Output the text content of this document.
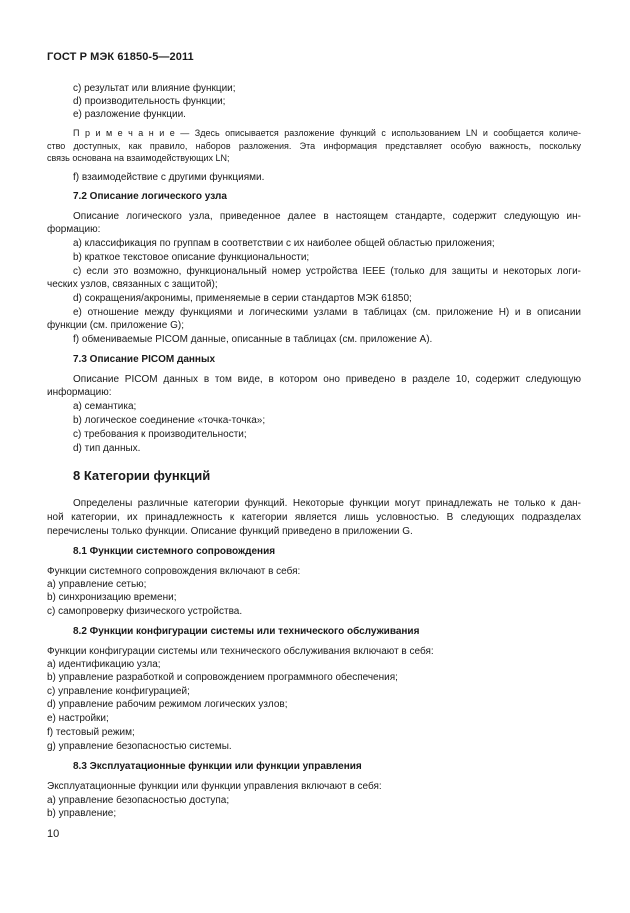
ГОСТ Р МЭК 61850-5—2011
c) результат или влияние функции;
d) производительность функции;
e) разложение функции.
П р и м е ч а н и е — Здесь описывается разложение функций с использованием LN и сообщается количе-
ство доступных, как правило, наборов разложения. Эта информация представляет особую важность, поскольку
связь основана на взаимодействующих LN;
f) взаимодействие с другими функциями.
7.2 Описание логического узла
Описание логического узла, приведенное далее в настоящем стандарте, содержит следующую ин-
формацию:
a) классификация по группам в соответствии с их наиболее общей областью приложения;
b) краткое текстовое описание функциональности;
c) если это возможно, функциональный номер устройства IEEE (только для защиты и некоторых логи-
ческих узлов, связанных с защитой);
d) сокращения/акронимы, применяемые в серии стандартов МЭК 61850;
e) отношение между функциями и логическими узлами в таблицах (см. приложение H) и в описании
функции (см. приложение G);
f) обмениваемые PICOM данные, описанные в таблицах (см. приложение A).
7.3 Описание PICOM данных
Описание PICOM данных в том виде, в котором оно приведено в разделе 10, содержит следующую
информацию:
a) семантика;
b) логическое соединение «точка-точка»;
c) требования к производительности;
d) тип данных.
8 Категории функций
Определены различные категории функций. Некоторые функции могут принадлежать не только к дан-
ной категории, их принадлежность к категории является лишь условностью. В следующих подразделах
перечислены только функции. Описание функций приведено в приложении G.
8.1 Функции системного сопровождения
Функции системного сопровождения включают в себя:
a) управление сетью;
b) синхронизацию времени;
c) самопроверку физического устройства.
8.2 Функции конфигурации системы или технического обслуживания
Функции конфигурации системы или технического обслуживания включают в себя:
a) идентификацию узла;
b) управление разработкой и сопровождением программного обеспечения;
c) управление конфигурацией;
d) управление рабочим режимом логических узлов;
e) настройки;
f) тестовый режим;
g) управление безопасностью системы.
8.3 Эксплуатационные функции или функции управления
Эксплуатационные функции или функции управления включают в себя:
a) управление безопасностью доступа;
b) управление;
10
